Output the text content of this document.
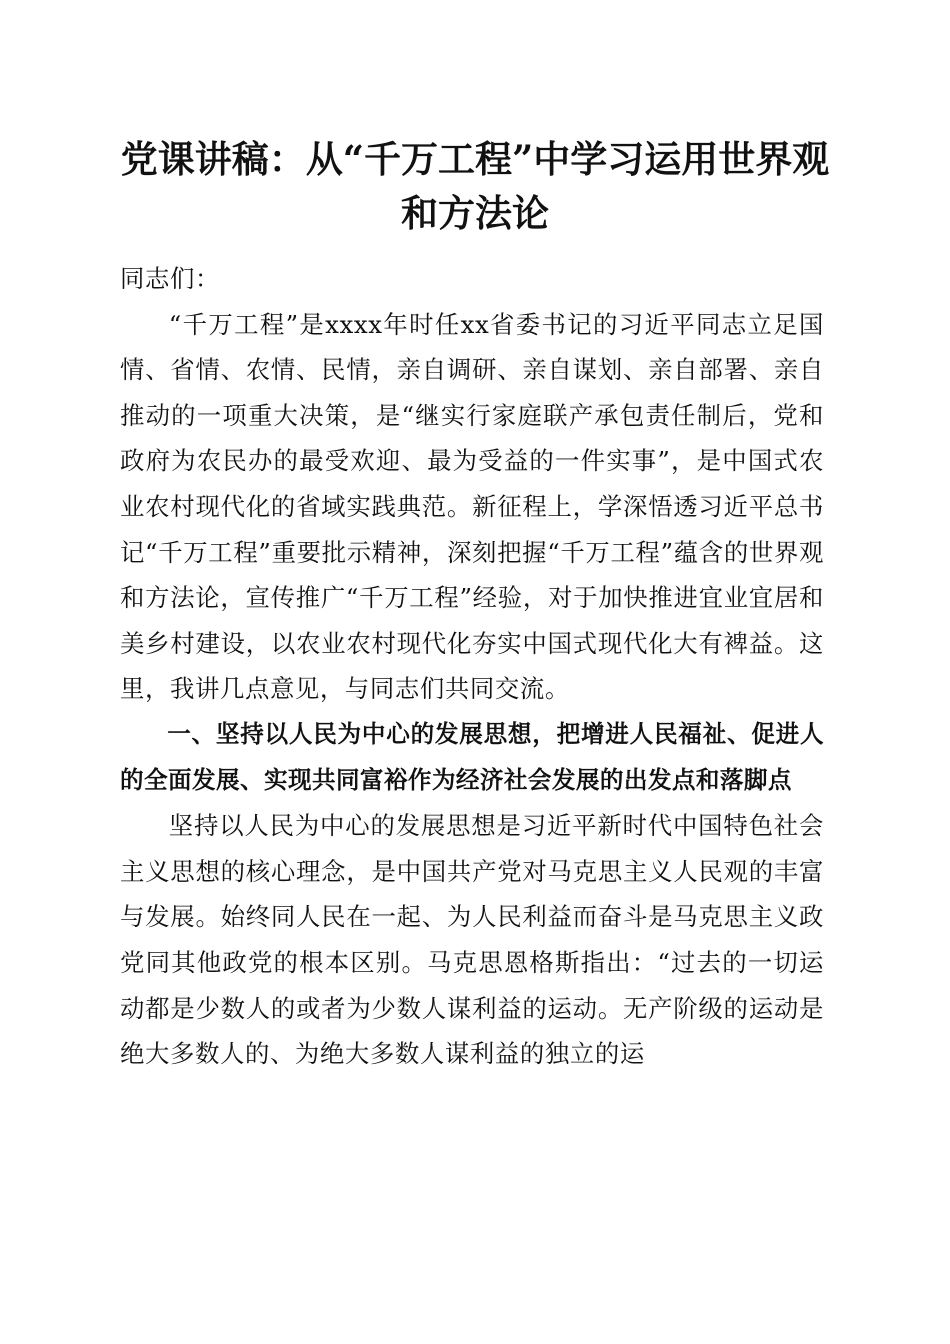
党课讲稿：从“千万工程”中学习运用世界观
和方法论

同志们：

“千万工程”是xxxx年时任xx省委书记的习近平同志立足国情、省情、农情、民情，亲自调研、亲自谋划、亲自部署、亲自推动的一项重大决策，是“继实行家庭联产承包责任制后，党和政府为农民办的最受欢迎、最为受益的一件实事”，是中国式农业农村现代化的省域实践典范。新征程上，学深悟透习近平总书记“千万工程”重要批示精神，深刻把握“千万工程”蕴含的世界观和方法论，宣传推广“千万工程”经验，对于加快推进宜业宜居和美乡村建设，以农业农村现代化夯实中国式现代化大有裨益。这里，我讲几点意见，与同志们共同交流。

一、坚持以人民为中心的发展思想，把增进人民福祉、促进人的全面发展、实现共同富裕作为经济社会发展的出发点和落脚点

坚持以人民为中心的发展思想是习近平新时代中国特色社会主义思想的核心理念，是中国共产党对马克思主义人民观的丰富与发展。始终同人民在一起、为人民利益而奋斗是马克思主义政党同其他政党的根本区别。马克思恩格斯指出：“过去的一切运动都是少数人的或者为少数人谋利益的运动。无产阶级的运动是绝大多数人的、为绝大多数人谋利益的独立的运
